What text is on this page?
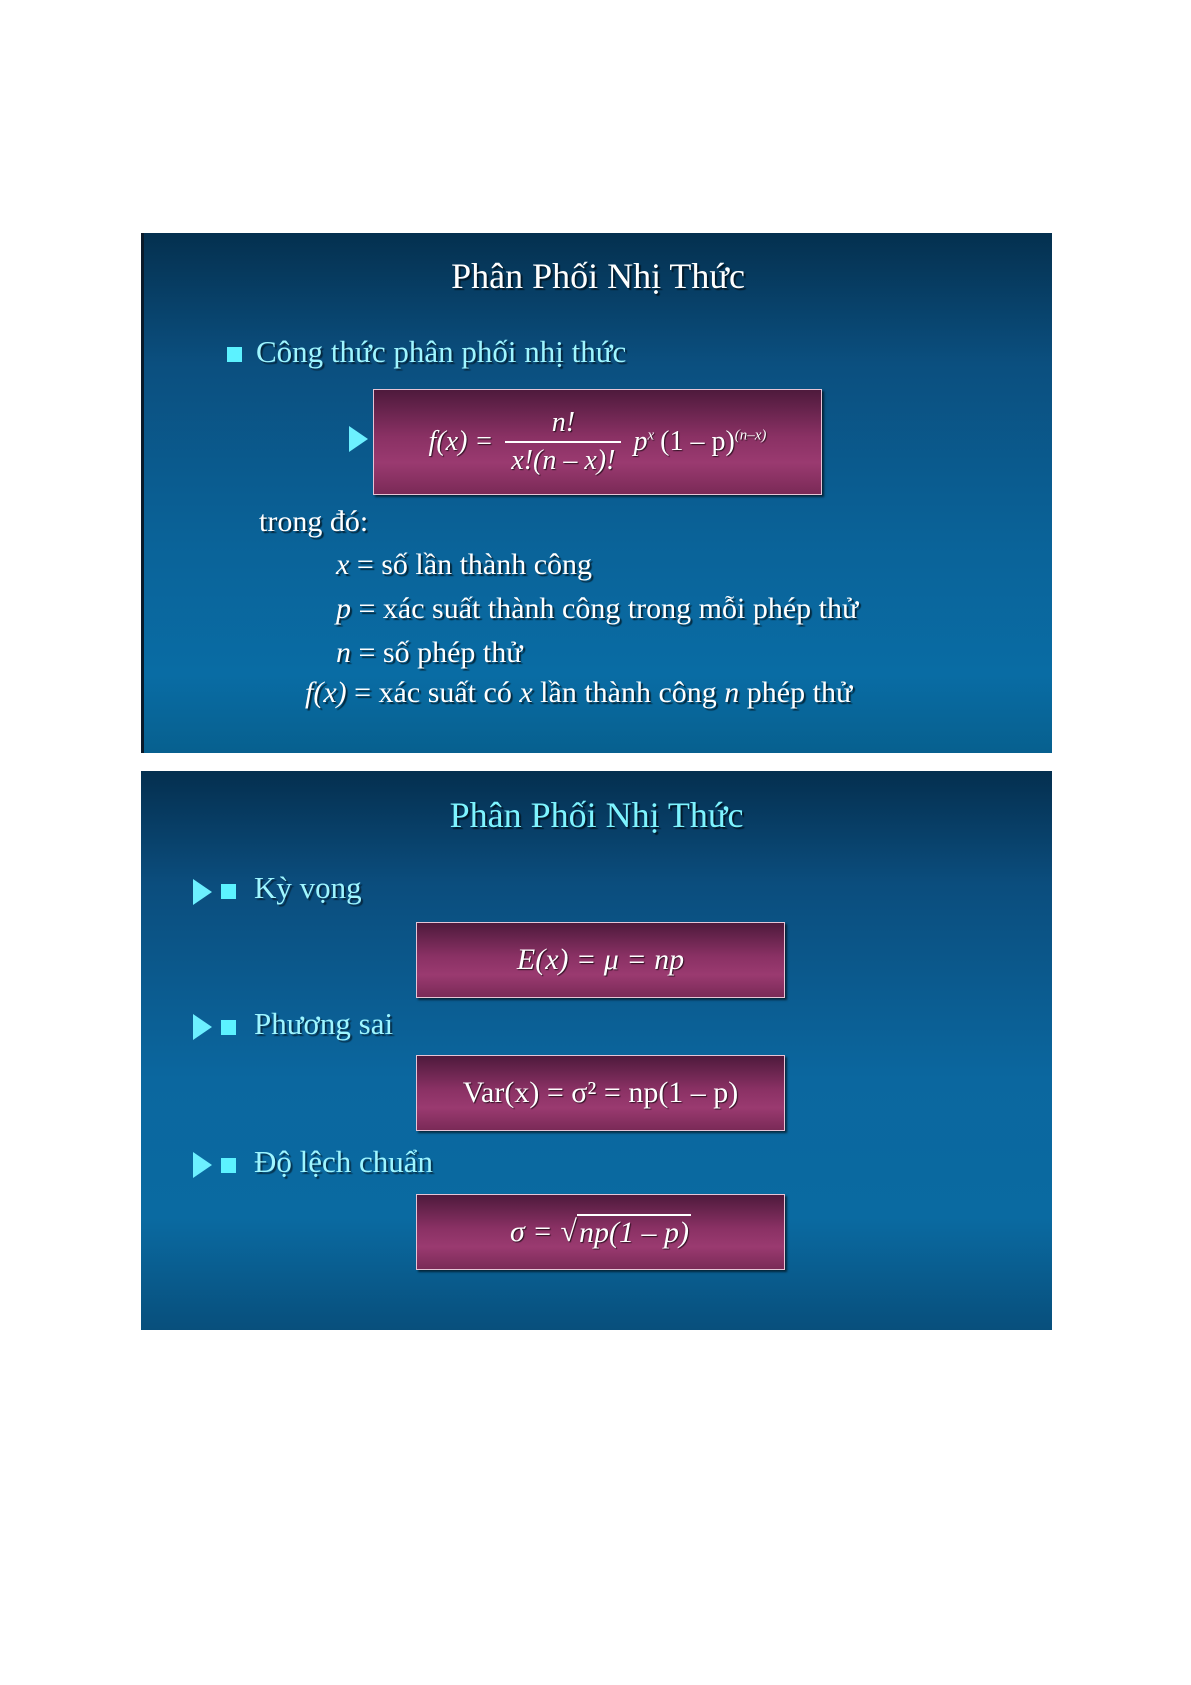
Phân Phối Nhị Thức
Công thức phân phối nhị thức
$f(x) = \frac{n!}{x!(n - x)!} p^x$ (1 – p)$^{(n-x)}$
trong đó:
x = số lần thành công
p = xác suất thành công trong mỗi phép thử
n = số phép thử
f(x) = xác suất có x lần thành công n phép thử
Phân Phối Nhị Thức
Kỳ vọng
E(x) = μ = np
Phương sai
Var(x) = σ² = np(1 – p)
Độ lệch chuẩn
σ = √ np(1 – p)
